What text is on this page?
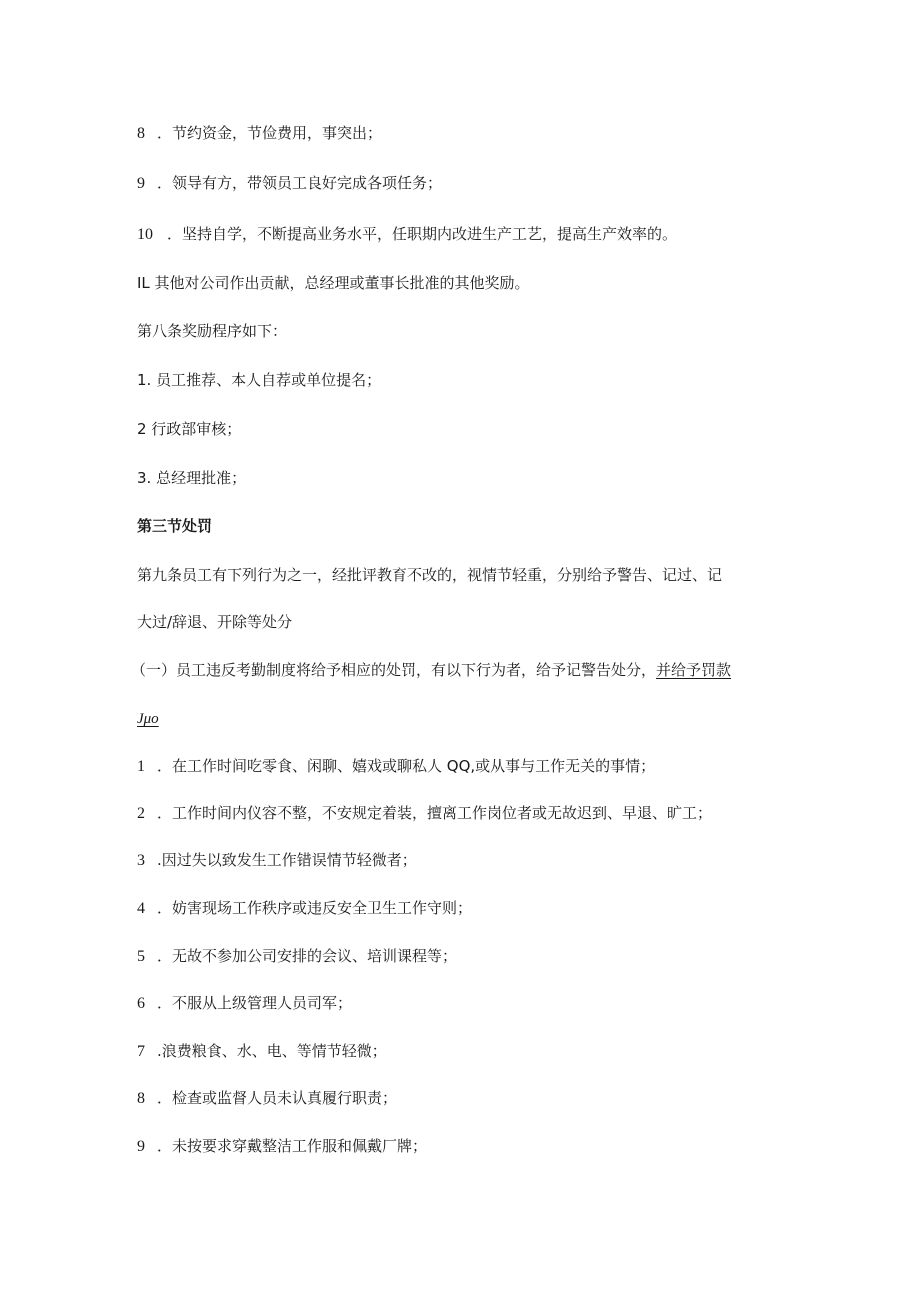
8 ．节约资金，节俭费用，事突出；
9 ．领导有方，带领员工良好完成各项任务；
10 ．坚持自学，不断提高业务水平，任职期内改进生产工艺，提高生产效率的。
IL 其他对公司作出贡献，总经理或董事长批准的其他奖励。
第八条奖励程序如下：
1. 员工推荐、本人自荐或单位提名；
2 行政部审核；
3. 总经理批准；
第三节处罚
第九条员工有下列行为之一，经批评教育不改的，视情节轻重，分别给予警告、记过、记
大过/辞退、开除等处分
（一）员工违反考勤制度将给予相应的处罚，有以下行为者，给予记警告处分，并给予罚款
Jμo
1 ．在工作时间吃零食、闲聊、嬉戏或聊私人 QQ,或从事与工作无关的事情；
2 ．工作时间内仪容不整，不安规定着装，擅离工作岗位者或无故迟到、早退、旷工；
3 .因过失以致发生工作错误情节轻微者；
4 ．妨害现场工作秩序或违反安全卫生工作守则；
5 ．无故不参加公司安排的会议、培训课程等；
6 ．不服从上级管理人员司军；
7 .浪费粮食、水、电、等情节轻微；
8 ．检查或监督人员未认真履行职责；
9 ．未按要求穿戴整洁工作服和佩戴厂牌；
